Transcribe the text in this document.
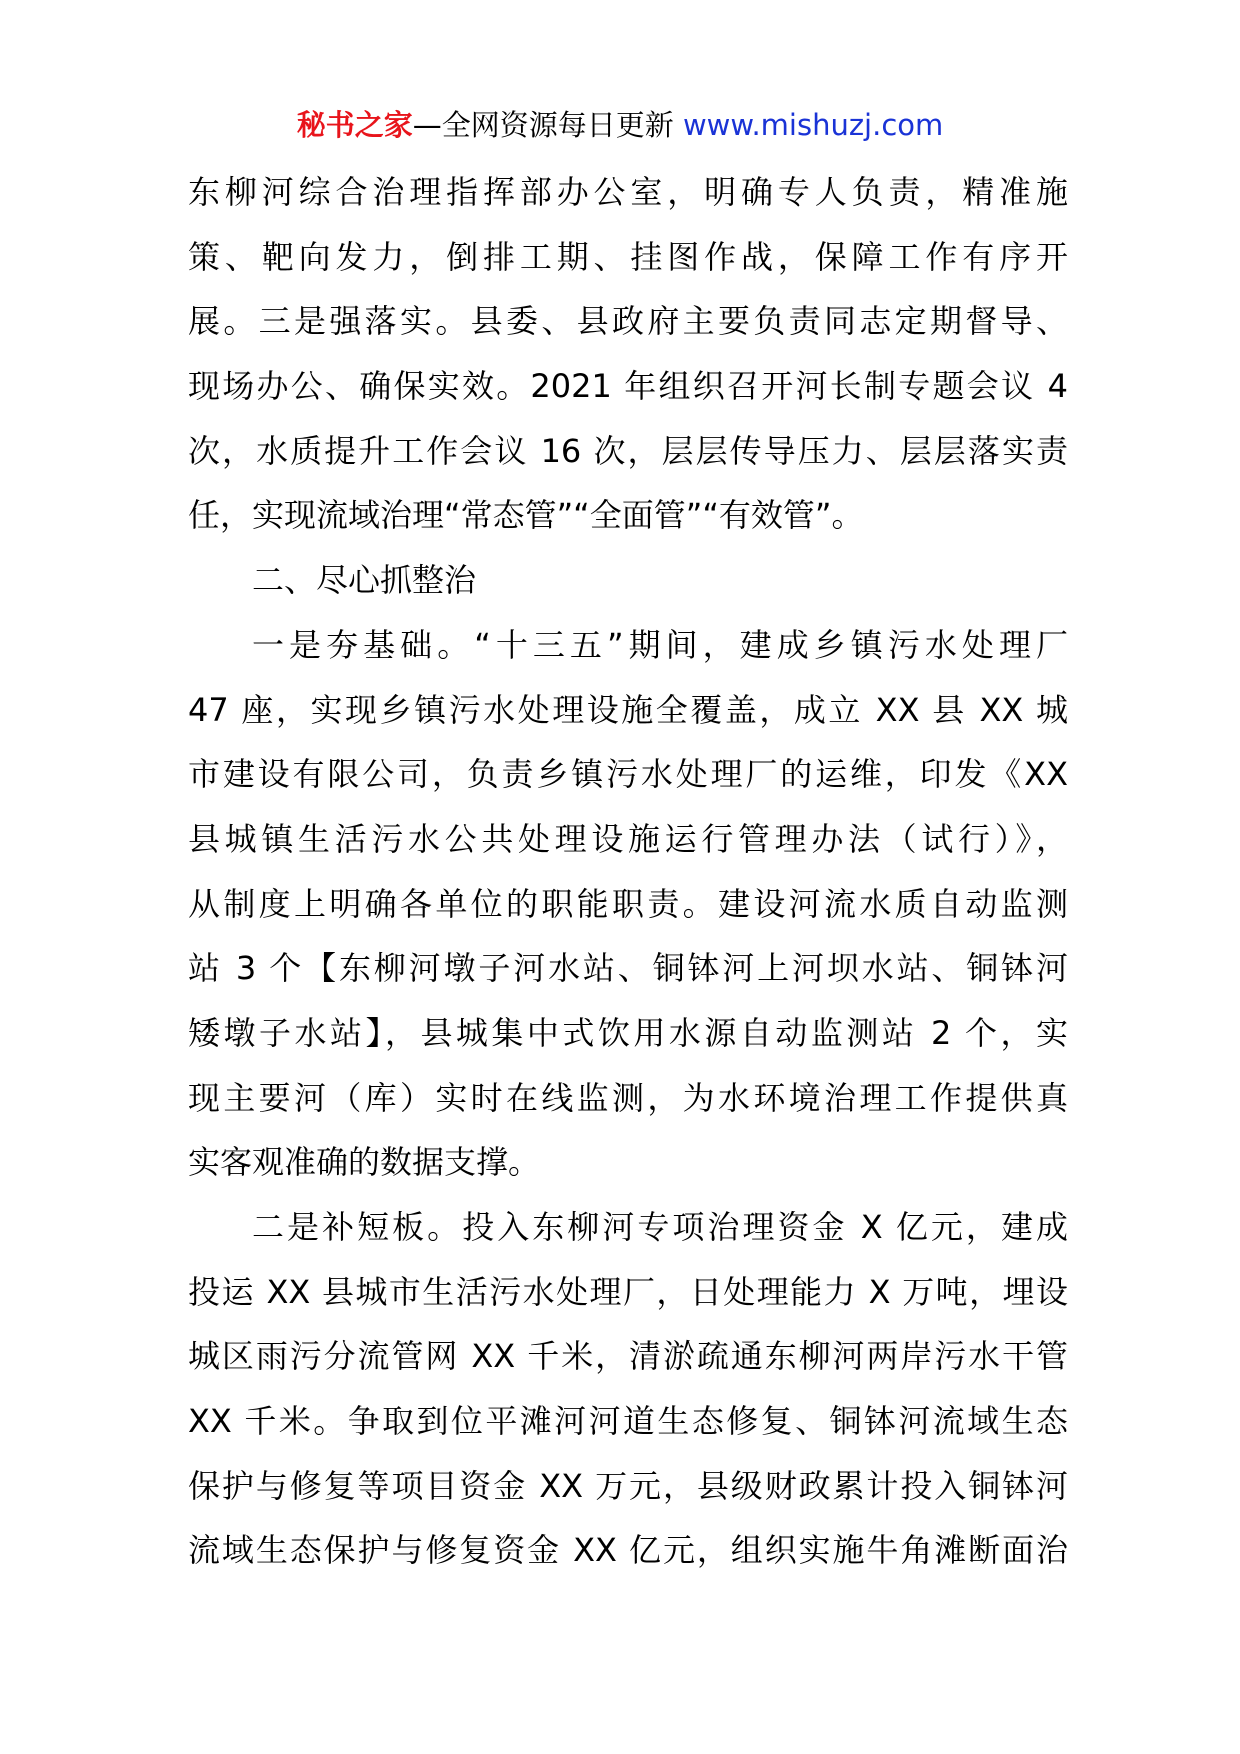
秘书之家—全网资源每日更新 www.mishuzj.com
东柳河综合治理指挥部办公室，明确专人负责，精准施
策、靶向发力，倒排工期、挂图作战，保障工作有序开
展。三是强落实。县委、县政府主要负责同志定期督导、
现场办公、确保实效。2021 年组织召开河长制专题会议 4
次，水质提升工作会议 16 次，层层传导压力、层层落实责
任，实现流域治理“常态管”“全面管”“有效管”。
二、尽心抓整治
一是夯基础。“十三五”期间，建成乡镇污水处理厂
47 座，实现乡镇污水处理设施全覆盖，成立 XX 县 XX 城
市建设有限公司，负责乡镇污水处理厂的运维，印发《XX
县城镇生活污水公共处理设施运行管理办法（试行）》，
从制度上明确各单位的职能职责。建设河流水质自动监测
站 3 个【东柳河墩子河水站、铜钵河上河坝水站、铜钵河
矮墩子水站】，县城集中式饮用水源自动监测站 2 个，实
现主要河（库）实时在线监测，为水环境治理工作提供真
实客观准确的数据支撑。
二是补短板。投入东柳河专项治理资金 X 亿元，建成
投运 XX 县城市生活污水处理厂，日处理能力 X 万吨，埋设
城区雨污分流管网 XX 千米，清淤疏通东柳河两岸污水干管
XX 千米。争取到位平滩河河道生态修复、铜钵河流域生态
保护与修复等项目资金 XX 万元，县级财政累计投入铜钵河
流域生态保护与修复资金 XX 亿元，组织实施牛角滩断面治
